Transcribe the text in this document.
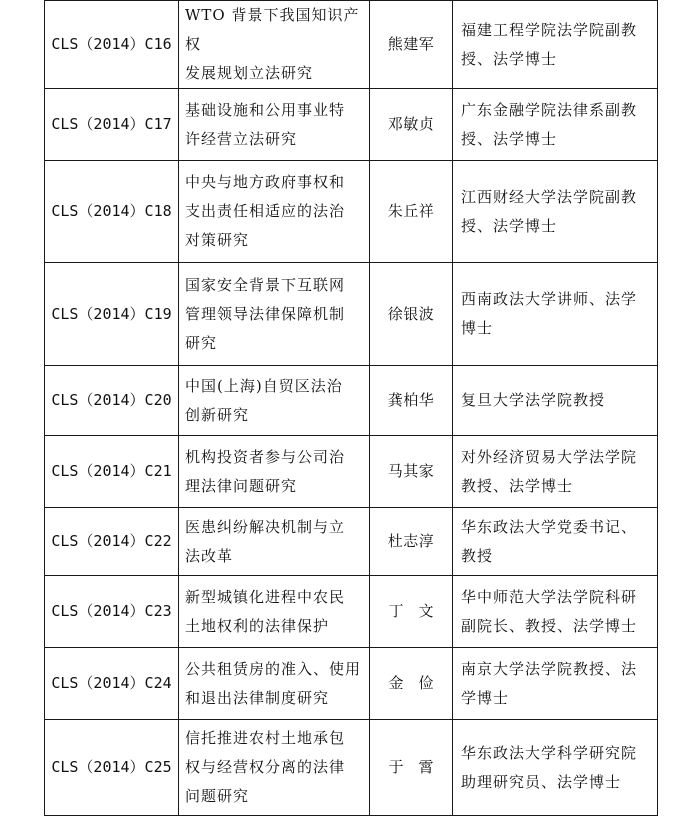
CLS（2014）C16	WTO 背景下我国知识产权
发展规划立法研究	熊建军	福建工程学院法学院副教
授、法学博士

CLS（2014）C17	基础设施和公用事业特
许经营立法研究	邓敏贞	广东金融学院法律系副教
授、法学博士

CLS（2014）C18	中央与地方政府事权和
支出责任相适应的法治
对策研究	朱丘祥	江西财经大学法学院副教
授、法学博士

CLS（2014）C19	国家安全背景下互联网
管理领导法律保障机制
研究	徐银波	西南政法大学讲师、法学
博士

CLS（2014）C20	中国(上海)自贸区法治
创新研究	龚柏华	复旦大学法学院教授

CLS（2014）C21	机构投资者参与公司治
理法律问题研究	马其家	对外经济贸易大学法学院
教授、法学博士

CLS（2014）C22	医患纠纷解决机制与立
法改革	杜志淳	华东政法大学党委书记、
教授

CLS（2014）C23	新型城镇化进程中农民
土地权利的法律保护	丁文	华中师范大学法学院科研
副院长、教授、法学博士

CLS（2014）C24	公共租赁房的准入、使用
和退出法律制度研究	金俭	南京大学法学院教授、法
学博士

CLS（2014）C25	信托推进农村土地承包
权与经营权分离的法律
问题研究	于霄	华东政法大学科学研究院
助理研究员、法学博士
